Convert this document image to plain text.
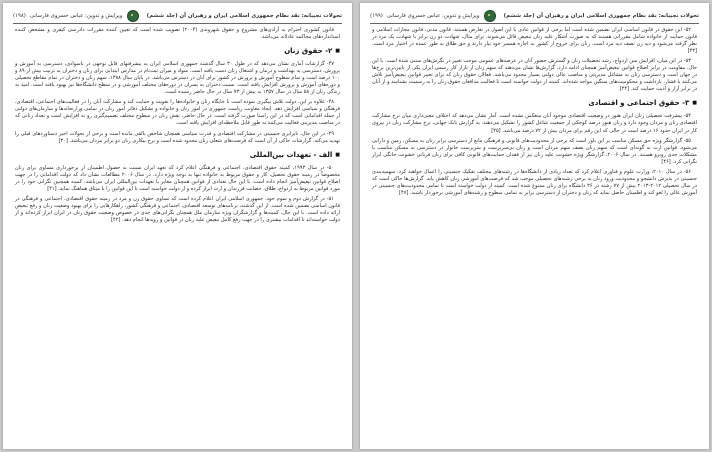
تحولات نجیبانه: نقد نظام جمهوری اسلامی ایران و رهبران آن (جلد ششم)
ویرایش و تدوین: عباس خسروی فارسانی
(۱۹۸)

قانون کشوری احترام به آزادی‌های مشروع و حقوق شهروندی (۲۰۰۴) تصویب شده است که تعیین کننده مقررات دادرسی کیفری و مشخص کننده استانداردهای محاکمه عادلانه می‌باشد.

■ ۲- حقوق زنان

۴۷- گزارشات آماری نشان می‌دهد که در طول ۳۰ سال گذشته جمهوری اسلامی ایران به پیشرفتهای قابل توجهی در باسوادی، دسترسی به آموزش و پرورش، دسترسی به بهداشت و درمان و اشتغال زنان دست یافته است. سواد و میزان ثبت‌نام در مدارس ابتدایی برای زنان و دختران به ترتیب بیش از ۸۹ و ۱۰۰ درصد است و تمام سطوح آموزش و پرورش در کشور برای آنان در دسترس می‌باشد. در پایان سال ۱۳۸۸، سهم زنان و دختران در تمام مقاطع تحصیلی و دوره‌های آموزش و پرورش افزایش یافته است. نسبت دختران به پسران در دوره‌های مختلف آموزشی و در سطح دانشگاه‌ها نیز بهبود یافته است. امید به زندگی زنان از ۵۸ سال در سال ۱۳۵۷ به بیش از ۷۳ سال در حال حاضر رسیده است.

۴۸- علاوه بر این، دولت تلاش پیگیری نموده است تا جایگاه زنان و خانواده‌ها را تقویت و حمایت کند و مشارکت آنان را در فعالیت‌های اجتماعی، اقتصادی، فرهنگی و سیاسی افزایش دهد. ایجاد معاونت ریاست جمهوری در امور زنان و خانواده و تشکیل دفاتر امور زنان در تمامی وزارتخانه‌ها و سازمان‌های دولتی از جمله اقداماتی است که در این راستا صورت گرفته است. در حال حاضر، نقش زنان در سطوح مختلف تصمیم‌گیری رو به افزایش است و تعداد زنانی که در مناصب مدیریتی فعالیت می‌کنند به طور قابل ملاحظه‌ای افزایش یافته است.

۴۹- در این حال، نابرابری جنسیتی در مشارکت اقتصادی و قدرت سیاسی همچنان شاخص بالقی مانده است و برخی از تحولات اخیر دستاوردهای قبلی را تهدید می‌کند. گزارشات حاکی از آن است که فرصت‌های شغلی زنان محدود شده است و نرخ بیکاری زنان دو برابر مردان می‌باشد. [۴۰]

■ الف - تعهدات بین‌المللی

۵۰- در سال ۱۹۹۳، کمیته حقوق اقتصادی، اجتماعی و فرهنگی اعلام کرد که تعهد ایران نسبت به حصول اطمینان از برخورداری مساوی برای زنان مخصوصاً در زمینه حقوق تحصیل، کار و حقوق مربوط به خانواده تنها به توجه ویژه دارد. در سال ۲۰۰۶ مطالعات نشان داد که دولت اقداماتی را در جهت اصلاح قوانین تبعیض‌آمیز انجام داده است، با این حال تعدادی از قوانین همچنان مغایر با تعهدات بین‌المللی ایران می‌باشد. کمیته همچنین نگرانی خود را در مورد قوانین مربوط به ازدواج، طلاق، حضانت فرزندان و ارث ابراز کرده و از دولت خواسته است تا این قوانین را با میثاق هماهنگ نماید. [۴۱]

۵۱- در گزارش دوم و سوم خود، جمهوری اسلامی ایران اعلام کرده است که تساوی حقوق زن و مرد در زمینه حقوق اقتصادی، اجتماعی و فرهنگی در قانون اساسی تضمین شده است. از این گذشته، برنامه‌های توسعه اقتصادی، اجتماعی و فرهنگی کشور، راهکارهایی را برای بهبود وضعیت زنان و رفع تبعیض ارائه داده است. با این حال، کمیته‌ها و گزارشگران ویژه سازمان ملل همچنان نگرانی‌های جدی در خصوص وضعیت حقوق زنان در ایران ابراز کرده‌اند و از دولت خواسته‌اند تا اقدامات بیشتری را در جهت رفع کامل تبعیض علیه زنان در قوانین و رویه‌ها انجام دهد. [۴۲]

تحولات نجیبانه: نقد نظام جمهوری اسلامی ایران و رهبران آن (جلد ششم)
ویرایش و تدوین: عباس خسروی فارسانی
(۱۹۹)

۵۲- این حقوق در قانون اساسی ایران تضمین شده است اما برخی از قوانین عادی با این اصول در تعارض هستند. قانون مدنی، قانون مجازات اسلامی و قانون حمایت از خانواده شامل مقرراتی هستند که به صورت آشکار علیه زنان تبعیض قائل می‌شوند. برای مثال، شهادت دو زن برابر با شهادت یک مرد در نظر گرفته می‌شود و دیه زن نصف دیه مرد است. زنان برای خروج از کشور به اجازه همسر خود نیاز دارند و حق طلاق به طور عمده در اختیار مرد است. [۴۳]

۵۳- در این میان، افزایش سن ازدواج، رشد تحصیلات زنان و گسترش حضور آنان در عرصه‌های عمومی موجب تغییر در نگرش‌های سنتی شده است. با این حال، مقاومت در برابر اصلاح قوانین تبعیض‌آمیز همچنان ادامه دارد. گزارش‌ها نشان می‌دهند که سهم زنان از بازار کار رسمی ایران یکی از پایین‌ترین نرخ‌ها در جهان است و دسترسی زنان به مشاغل مدیریتی و مناصب عالی دولتی بسیار محدود می‌باشد. فعالان حقوق زنان که برای تغییر قوانین تبعیض‌آمیز تلاش می‌کنند با فشار، بازداشت و محکومیت‌های سنگین مواجه شده‌اند. کمیته از دولت خواسته است تا فعالیت مدافعان حقوق زنان را به رسمیت بشناسد و از آنان در برابر آزار و اذیت حمایت کند. [۴۴]

■ ۳- حقوق اجتماعی و اقتصادی

۵۴- پیشرفت تحصیلی زنان ایران هنوز در وضعیت اقتصادی موجود آنان منعکس نشده است. آمار نشان می‌دهد که اختلاف معنی‌داری میان نرخ مشارکت اقتصادی زنان و مردان وجود دارد و زنان هنوز درصد کوچکی از جمعیت شاغل کشور را تشکیل می‌دهند. به گزارش بانک جهانی، نرخ مشارکت زنان در نیروی کار در ایران حدود ۱۶ درصد است در حالی که این رقم برای مردان بیش از ۷۲ درصد می‌باشد. [۴۵]

۵۵- گزارشگر ویژه حق مسکن مناسب بر این باور است که برخی از محدودیت‌های قانونی و فرهنگی مانع از دسترسی برابر زنان به مسکن، زمین و دارایی می‌شود. قوانین ارث به گونه‌ای است که سهم زنان نصف سهم مردان است و زنان بی‌سرپرست و سرپرست خانوار در دسترسی به مسکن مناسب با مشکلات جدی روبرو هستند. در سال ۲۰۰۶، گزارشگر ویژه خشونت علیه زنان نیز از فقدان حمایت‌های قانونی کافی برای زنان قربانی خشونت خانگی ابراز نگرانی کرد. [۴۶]

۵۶- در سال ۲۰۱۰، وزارت علوم و فناوری اعلام کرد که تعداد زیادی از دانشگاه‌ها در رشته‌های مختلف تفکیک جنسیتی را اعمال خواهند کرد. سهمیه‌بندی جنسیتی در پذیرش دانشجو و محدودیت ورود زنان به برخی رشته‌های تحصیلی موجب شد که فرصت‌های آموزشی زنان کاهش یابد. گزارش‌ها حاکی است که در سال تحصیلی ۲۰۱۲-۲۰۱۳ بیش از ۷۷ رشته در ۳۶ دانشگاه برای زنان ممنوع شده است. کمیته از دولت خواسته است تا تمامی محدودیت‌های جنسیتی در آموزش عالی را لغو کند و اطمینان حاصل نماید که زنان و دختران از دسترسی برابر به تمامی سطوح و رشته‌های آموزشی برخوردار باشند. [۴۷]
